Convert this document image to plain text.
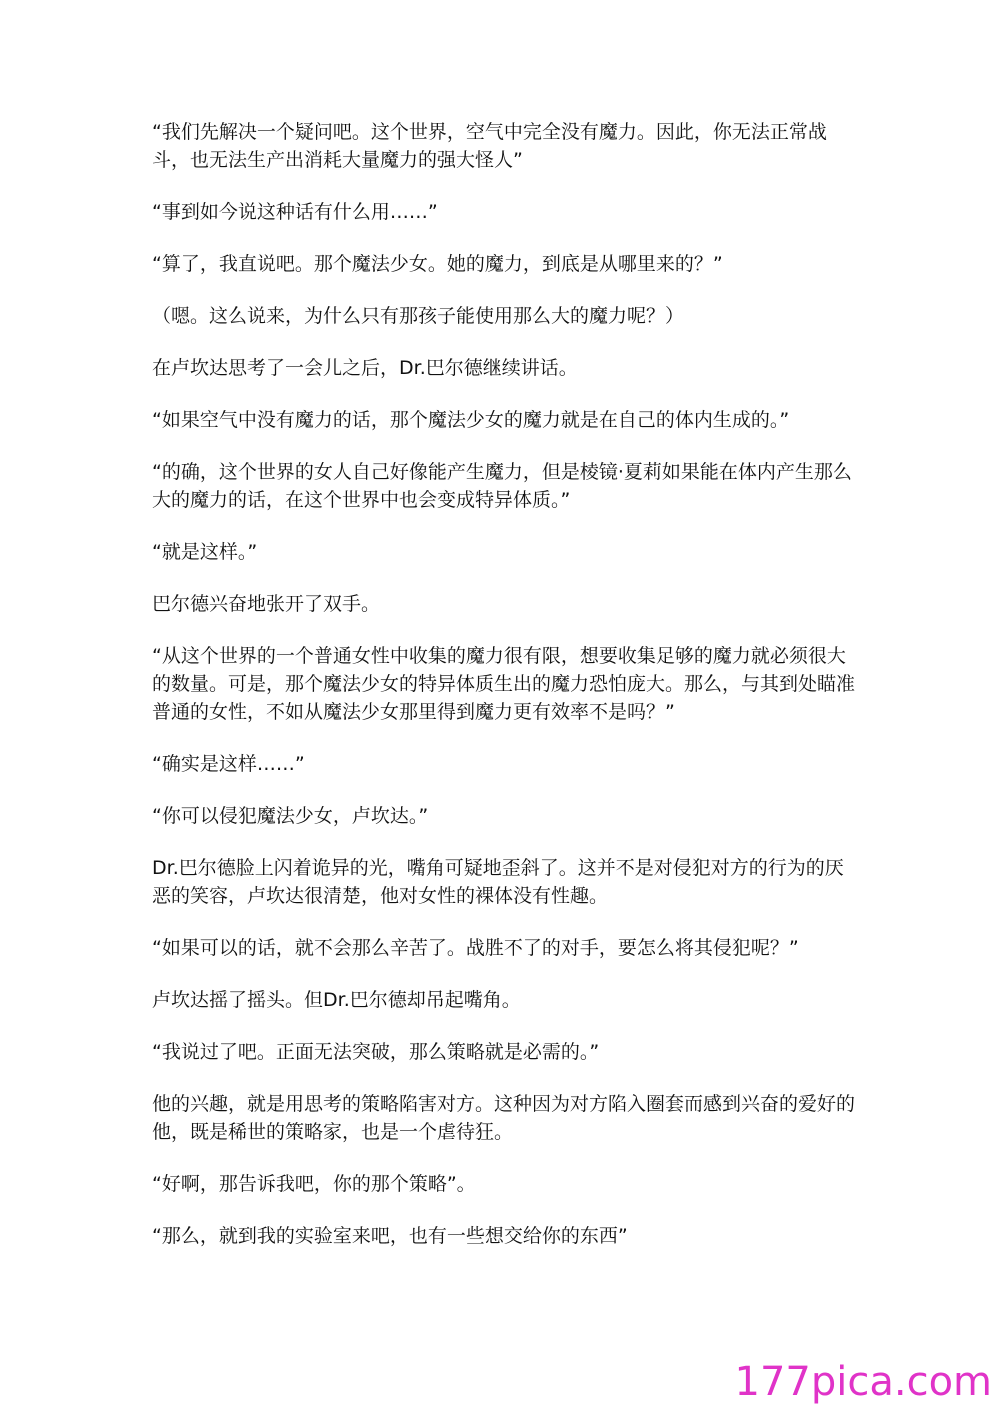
“我们先解决一个疑问吧。这个世界，空气中完全没有魔力。因此，你无法正常战斗，也无法生产出消耗大量魔力的强大怪人”

“事到如今说这种话有什么用……”

“算了，我直说吧。那个魔法少女。她的魔力，到底是从哪里来的？”

（嗯。这么说来，为什么只有那孩子能使用那么大的魔力呢？）

在卢坎达思考了一会儿之后，Dr.巴尔德继续讲话。

“如果空气中没有魔力的话，那个魔法少女的魔力就是在自己的体内生成的。”

“的确，这个世界的女人自己好像能产生魔力，但是棱镜·夏莉如果能在体内产生那么大的魔力的话，在这个世界中也会变成特异体质。”

“就是这样。”

巴尔德兴奋地张开了双手。

“从这个世界的一个普通女性中收集的魔力很有限，想要收集足够的魔力就必须很大的数量。可是，那个魔法少女的特异体质生出的魔力恐怕庞大。那么，与其到处瞄准普通的女性，不如从魔法少女那里得到魔力更有效率不是吗？”

“确实是这样……”

“你可以侵犯魔法少女，卢坎达。”

Dr.巴尔德脸上闪着诡异的光，嘴角可疑地歪斜了。这并不是对侵犯对方的行为的厌恶的笑容，卢坎达很清楚，他对女性的裸体没有性趣。

“如果可以的话，就不会那么辛苦了。战胜不了的对手，要怎么将其侵犯呢？”

卢坎达摇了摇头。但Dr.巴尔德却吊起嘴角。

“我说过了吧。正面无法突破，那么策略就是必需的。”

他的兴趣，就是用思考的策略陷害对方。这种因为对方陷入圈套而感到兴奋的爱好的他，既是稀世的策略家，也是一个虐待狂。

“好啊，那告诉我吧，你的那个策略”。

“那么，就到我的实验室来吧，也有一些想交给你的东西”

177pica.com
